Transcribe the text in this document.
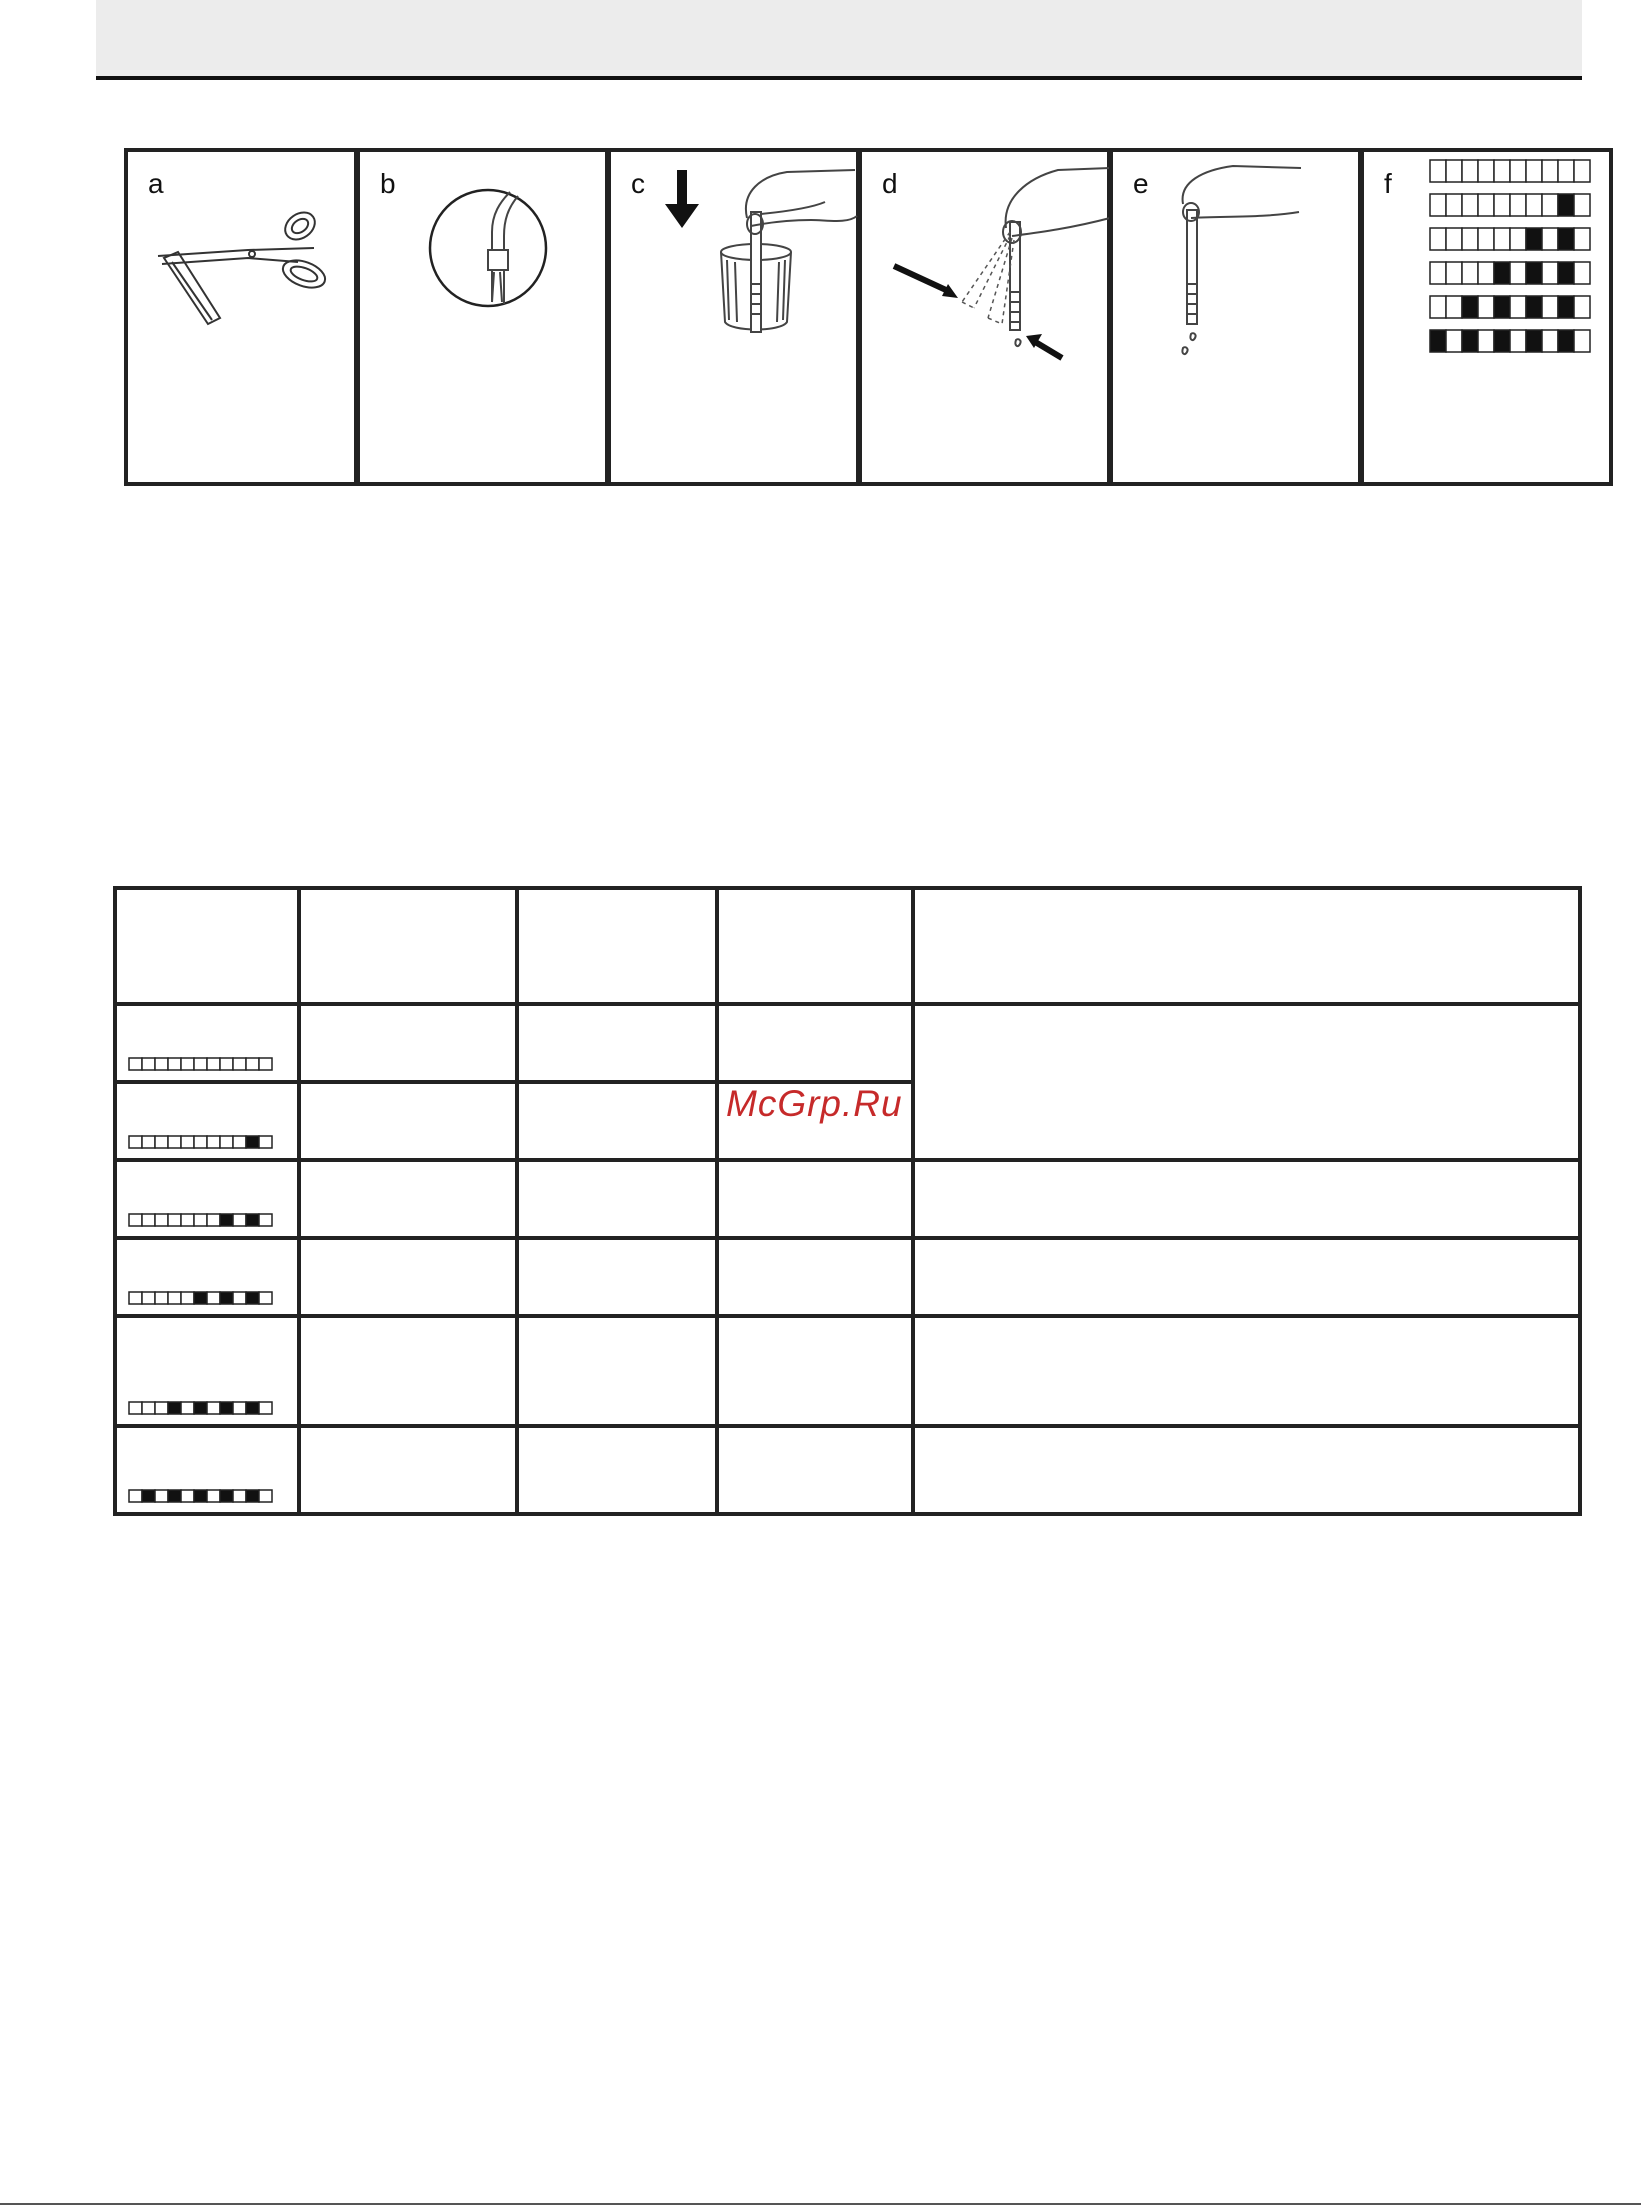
a	b	c	d	e	f
McGrp.Ru
